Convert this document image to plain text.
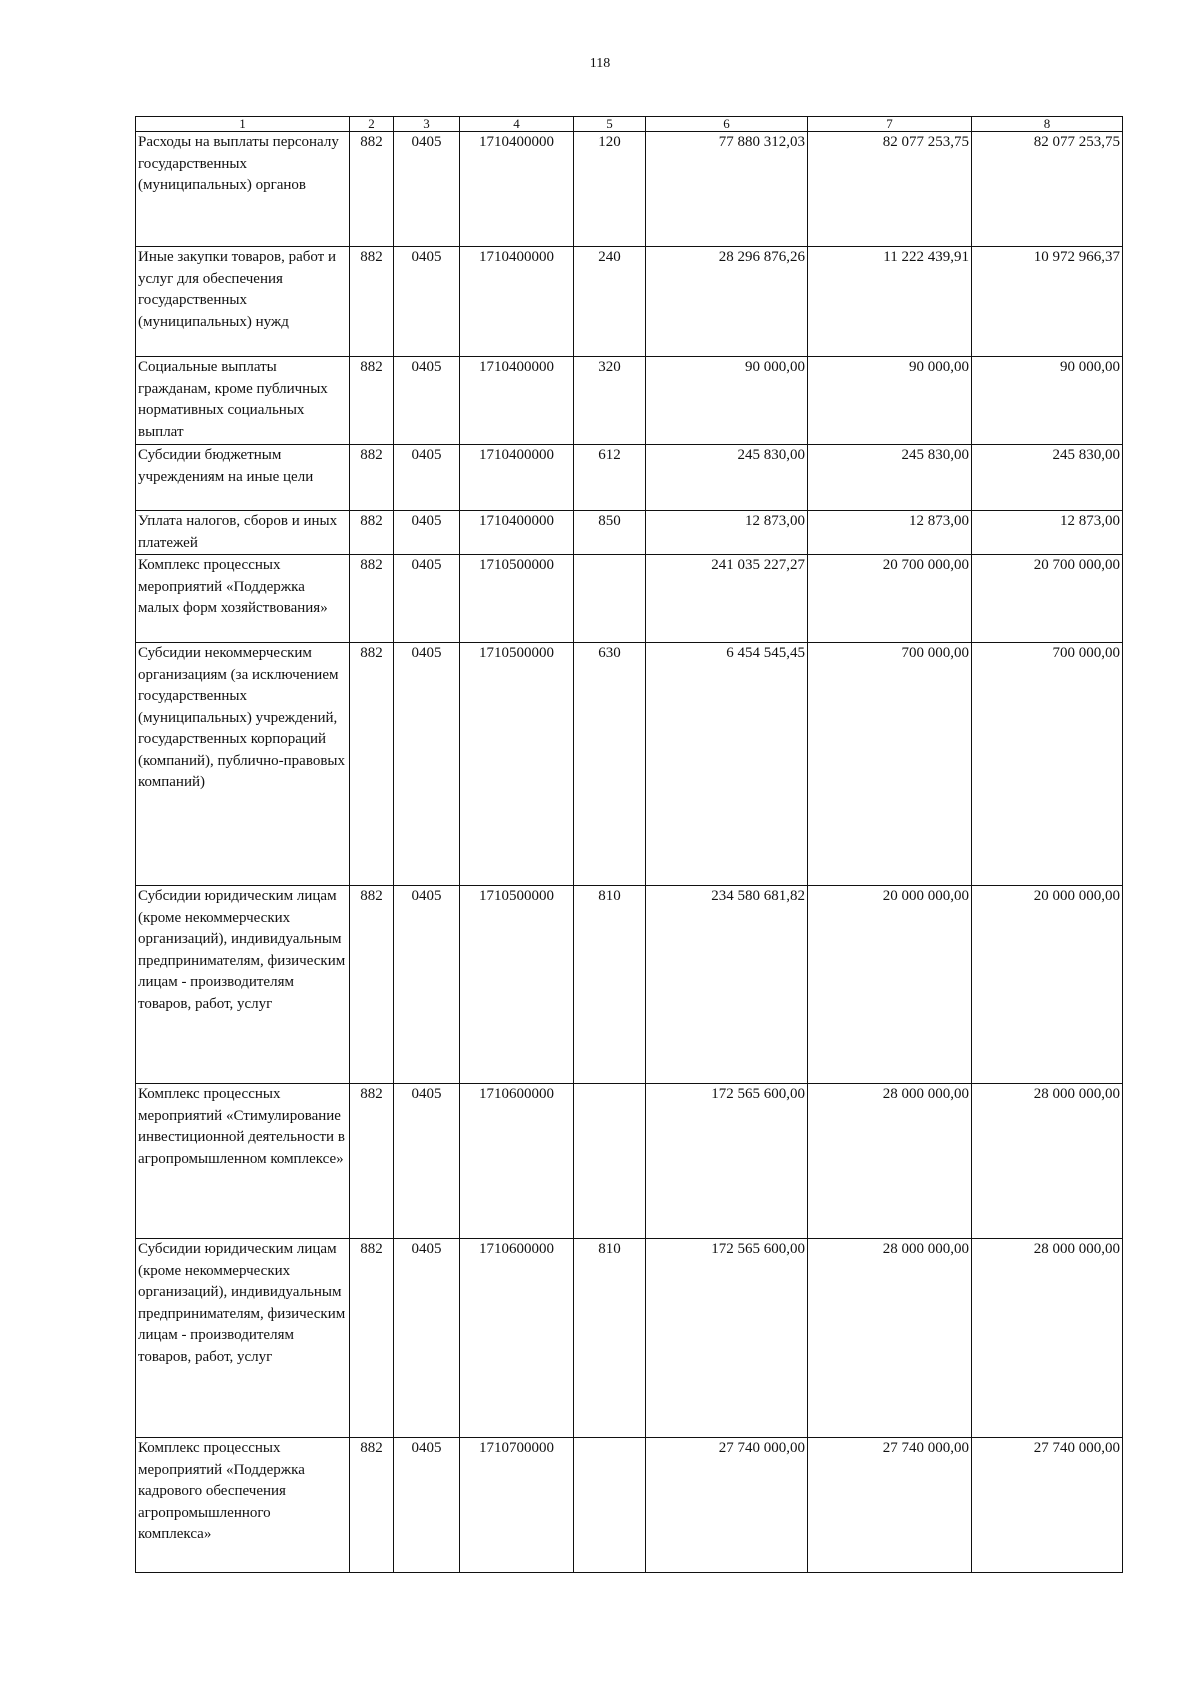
118
1	2	3	4	5	6	7	8
Расходы на выплаты персоналу государственных (муниципальных) органов	882	0405	1710400000	120	77 880 312,03	82 077 253,75	82 077 253,75
Иные закупки товаров, работ и услуг для обеспечения государственных (муниципальных) нужд	882	0405	1710400000	240	28 296 876,26	11 222 439,91	10 972 966,37
Социальные выплаты гражданам, кроме публичных нормативных социальных выплат	882	0405	1710400000	320	90 000,00	90 000,00	90 000,00
Субсидии бюджетным учреждениям на иные цели	882	0405	1710400000	612	245 830,00	245 830,00	245 830,00
Уплата налогов, сборов и иных платежей	882	0405	1710400000	850	12 873,00	12 873,00	12 873,00
Комплекс процессных мероприятий «Поддержка малых форм хозяйствования»	882	0405	1710500000		241 035 227,27	20 700 000,00	20 700 000,00
Субсидии некоммерческим организациям (за исключением государственных (муниципальных) учреждений, государственных корпораций (компаний), публично-правовых компаний)	882	0405	1710500000	630	6 454 545,45	700 000,00	700 000,00
Субсидии юридическим лицам (кроме некоммерческих организаций), индивидуальным предпринимателям, физическим лицам - производителям товаров, работ, услуг	882	0405	1710500000	810	234 580 681,82	20 000 000,00	20 000 000,00
Комплекс процессных мероприятий «Стимулирование инвестиционной деятельности в агропромышленном комплексе»	882	0405	1710600000		172 565 600,00	28 000 000,00	28 000 000,00
Субсидии юридическим лицам (кроме некоммерческих организаций), индивидуальным предпринимателям, физическим лицам - производителям товаров, работ, услуг	882	0405	1710600000	810	172 565 600,00	28 000 000,00	28 000 000,00
Комплекс процессных мероприятий «Поддержка кадрового обеспечения агропромышленного комплекса»	882	0405	1710700000		27 740 000,00	27 740 000,00	27 740 000,00
